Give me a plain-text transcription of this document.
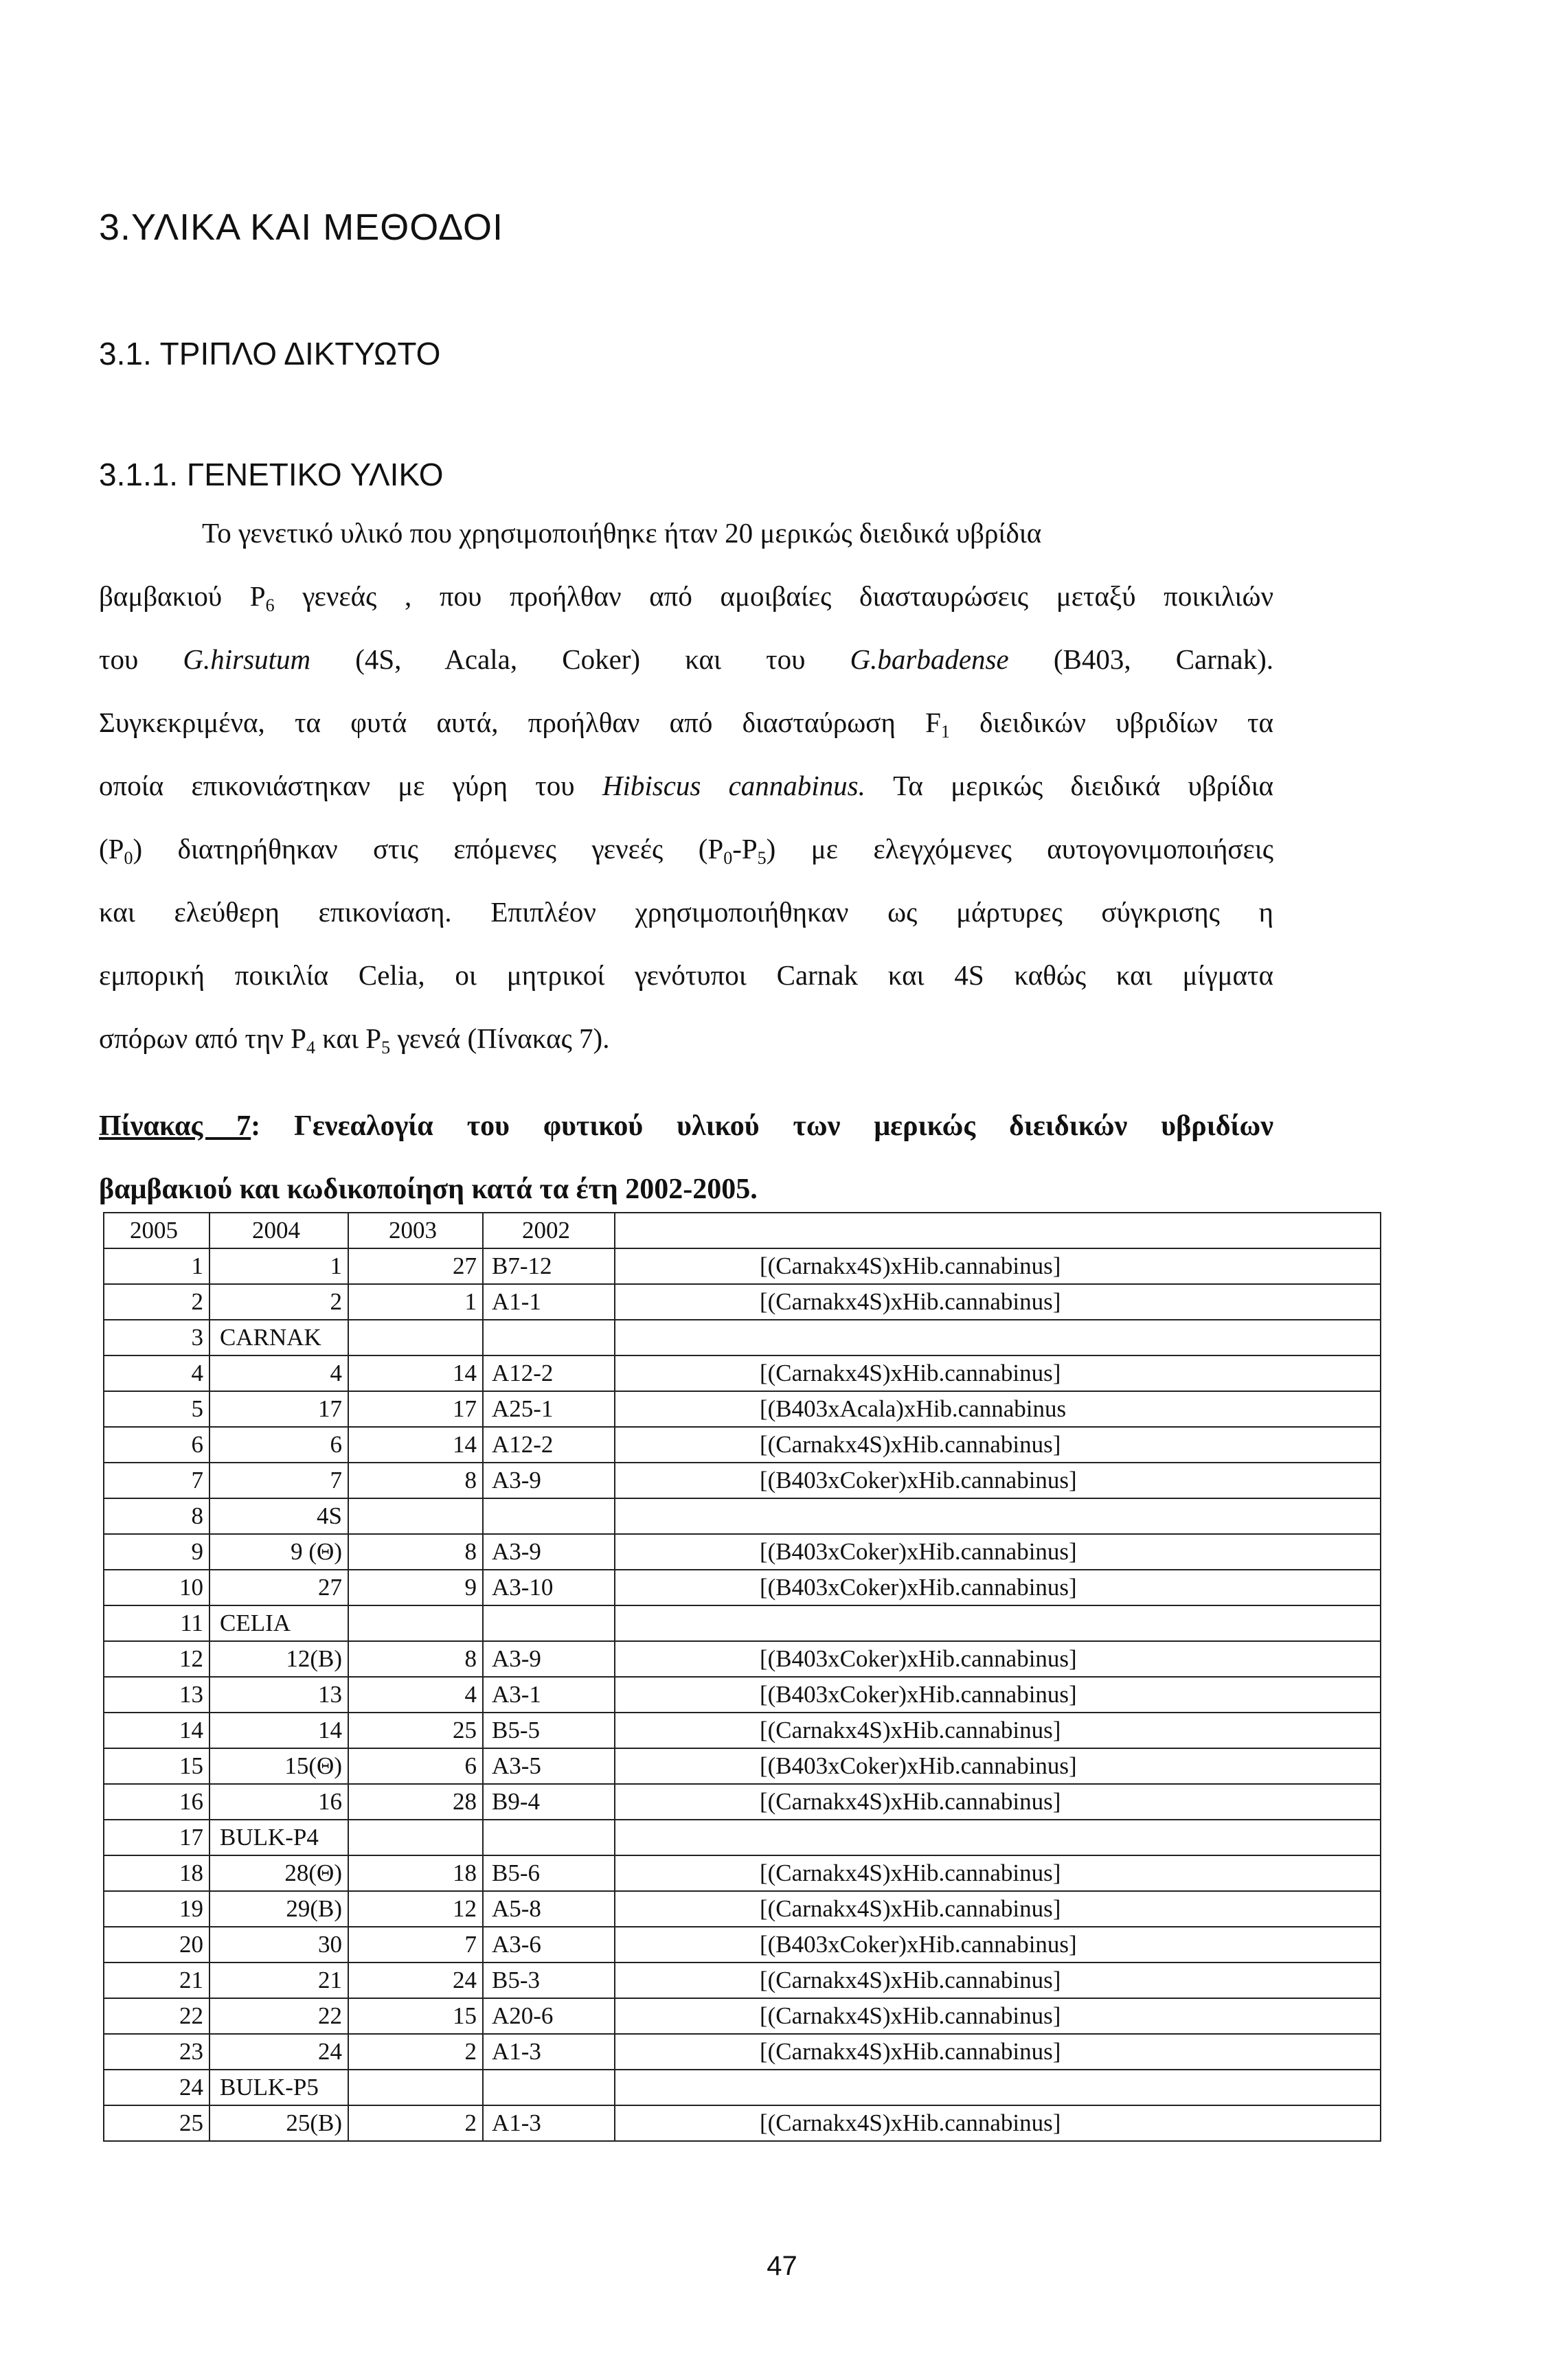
3.ΥΛΙΚΑ ΚΑΙ ΜΕΘΟΔΟΙ
3.1. ΤΡΙΠΛΟ ΔΙΚΤΥΩΤΟ
3.1.1. ΓΕΝΕΤΙΚΟ ΥΛΙΚΟ
Το γενετικό υλικό που χρησιμοποιήθηκε ήταν 20 μερικώς διειδικά υβρίδια
βαμβακιού $P_6$ γενεάς , που προήλθαν από αμοιβαίες διασταυρώσεις μεταξύ ποικιλιών
του G.hirsutum (4S, Acala, Coker) και του G.barbadense (B403, Carnak).
Συγκεκριμένα, τα φυτά αυτά, προήλθαν από διασταύρωση $F_1$ διειδικών υβριδίων τα
οποία επικονιάστηκαν με γύρη του Hibiscus cannabinus. Τα μερικώς διειδικά υβρίδια
$(P_0)$ διατηρήθηκαν στις επόμενες γενεές $(P_0-P_5)$ με ελεγχόμενες αυτογονιμοποιήσεις
και ελεύθερη επικονίαση. Επιπλέον χρησιμοποιήθηκαν ως μάρτυρες σύγκρισης η
εμπορική ποικιλία Celia, οι μητρικοί γενότυποι Carnak και 4S καθώς και μίγματα
σπόρων από την $P_4$ και $P_5$ γενεά (Πίνακας 7).
Πίνακας 7: Γενεαλογία του φυτικού υλικού των μερικώς διειδικών υβριδίων
βαμβακιού και κωδικοποίηση κατά τα έτη 2002-2005.
2005	2004	2003	2002	
1	1	27	B7-12	[(Carnakx4S)xHib.cannabinus]
2	2	1	A1-1	[(Carnakx4S)xHib.cannabinus]
3	CARNAK			
4	4	14	A12-2	[(Carnakx4S)xHib.cannabinus]
5	17	17	A25-1	[(B403xAcala)xHib.cannabinus
6	6	14	A12-2	[(Carnakx4S)xHib.cannabinus]
7	7	8	A3-9	[(B403xCoker)xHib.cannabinus]
8	4S			
9	9 (Θ)	8	A3-9	[(B403xCoker)xHib.cannabinus]
10	27	9	A3-10	[(B403xCoker)xHib.cannabinus]
11	CELIA			
12	12(B)	8	A3-9	[(B403xCoker)xHib.cannabinus]
13	13	4	A3-1	[(B403xCoker)xHib.cannabinus]
14	14	25	B5-5	[(Carnakx4S)xHib.cannabinus]
15	15(Θ)	6	A3-5	[(B403xCoker)xHib.cannabinus]
16	16	28	B9-4	[(Carnakx4S)xHib.cannabinus]
17	BULK-P4			
18	28(Θ)	18	B5-6	[(Carnakx4S)xHib.cannabinus]
19	29(B)	12	A5-8	[(Carnakx4S)xHib.cannabinus]
20	30	7	A3-6	[(B403xCoker)xHib.cannabinus]
21	21	24	B5-3	[(Carnakx4S)xHib.cannabinus]
22	22	15	A20-6	[(Carnakx4S)xHib.cannabinus]
23	24	2	A1-3	[(Carnakx4S)xHib.cannabinus]
24	BULK-P5			
25	25(B)	2	A1-3	[(Carnakx4S)xHib.cannabinus]
47
